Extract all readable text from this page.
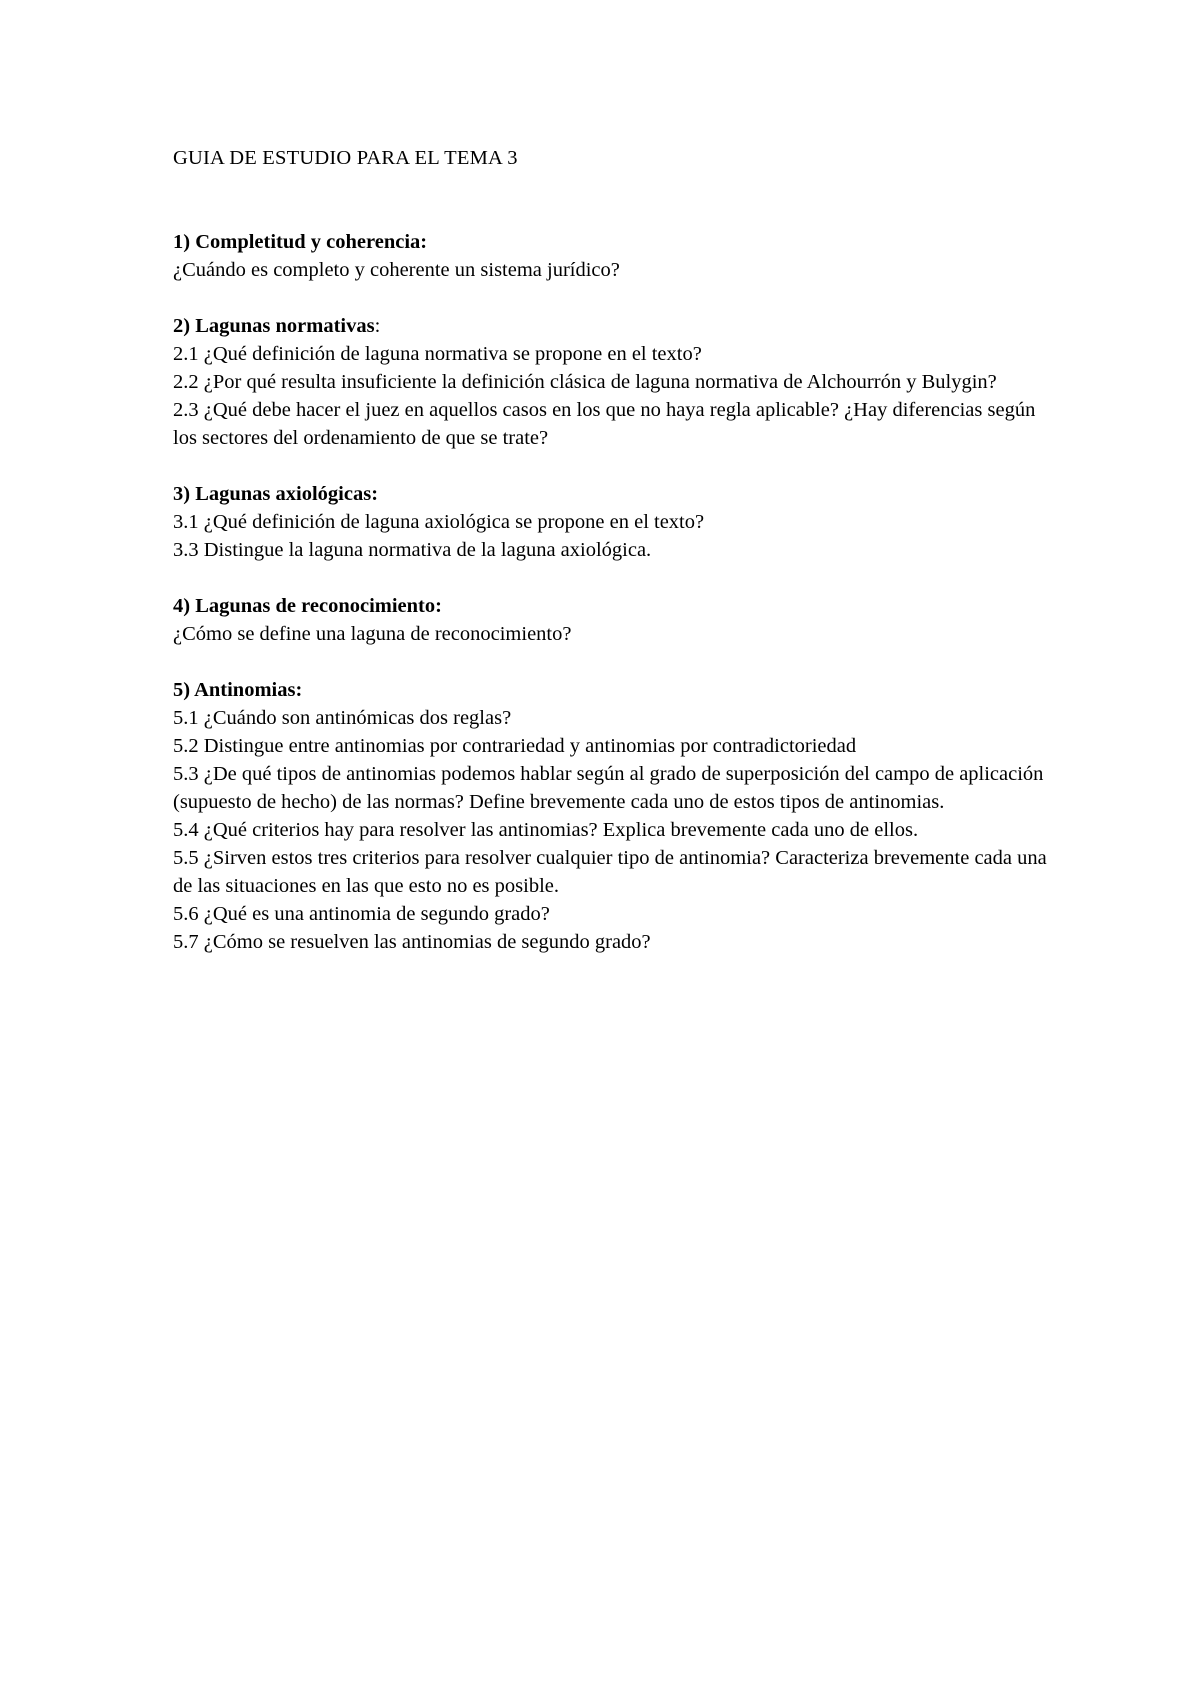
GUIA DE ESTUDIO PARA EL TEMA 3

1) Completitud y coherencia:

¿Cuándo es completo y coherente un sistema jurídico?

2) Lagunas normativas:

2.1 ¿Qué definición de laguna normativa se propone en el texto?

2.2 ¿Por qué resulta insuficiente la definición clásica de laguna normativa de Alchourrón y Bulygin?

2.3 ¿Qué debe hacer el juez en aquellos casos en los que no haya regla aplicable? ¿Hay diferencias según los sectores del ordenamiento de que se trate?

3) Lagunas axiológicas:

3.1 ¿Qué definición de laguna axiológica se propone en el texto?

3.3 Distingue la laguna normativa de la laguna axiológica.

4) Lagunas de reconocimiento:

¿Cómo se define una laguna de reconocimiento?

5) Antinomias:

5.1 ¿Cuándo son antinómicas dos reglas?

5.2 Distingue entre antinomias por contrariedad y antinomias por contradictoriedad

5.3 ¿De qué tipos de antinomias podemos hablar según al grado de superposición del campo de aplicación (supuesto de hecho) de las normas? Define brevemente cada uno de estos tipos de antinomias.

5.4 ¿Qué criterios hay para resolver las antinomias? Explica brevemente cada uno de ellos.

5.5 ¿Sirven estos tres criterios para resolver cualquier tipo de antinomia? Caracteriza brevemente cada una de las situaciones en las que esto no es posible.

5.6 ¿Qué es una antinomia de segundo grado?

5.7 ¿Cómo se resuelven las antinomias de segundo grado?
